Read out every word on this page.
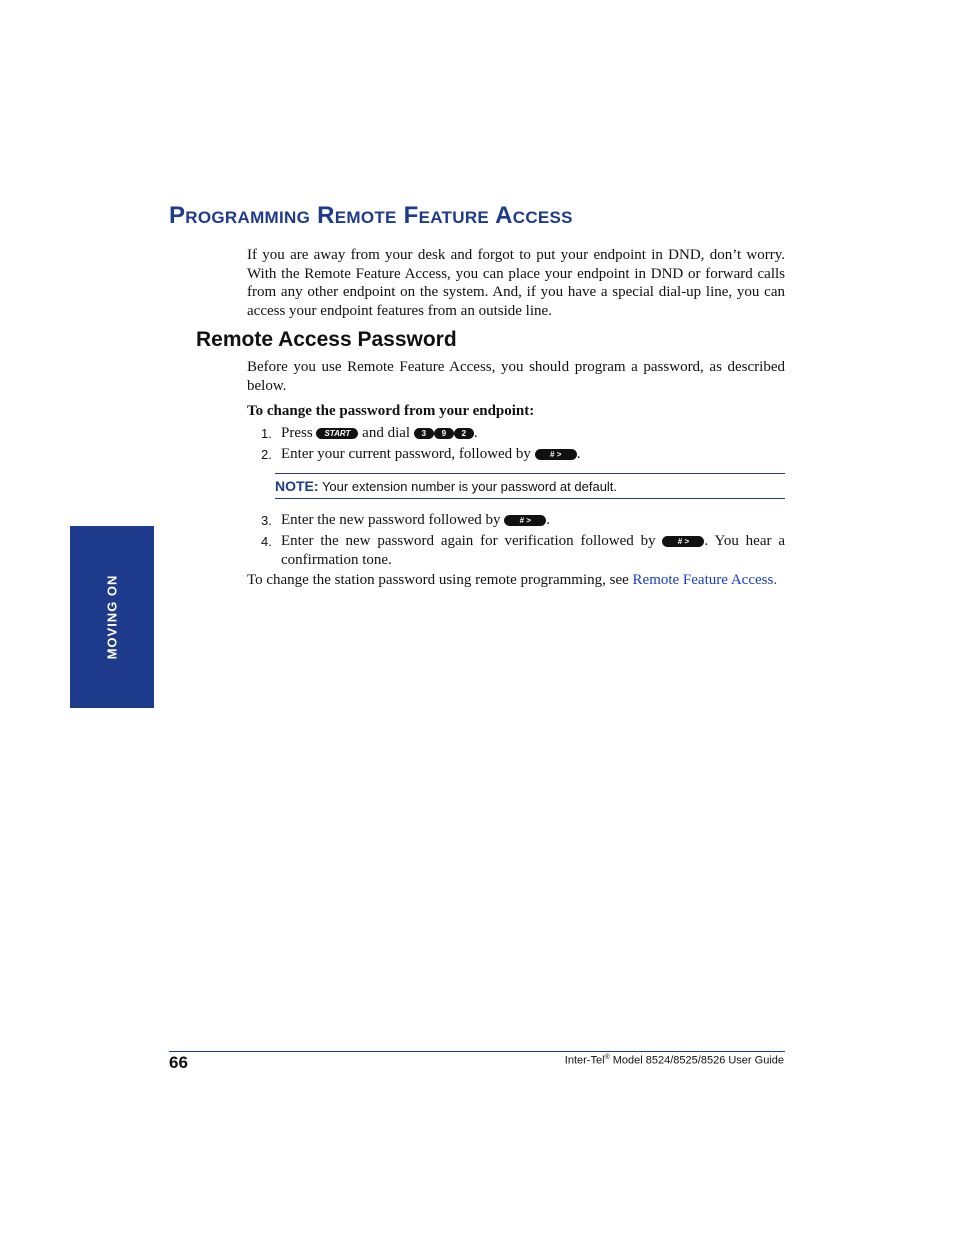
MOVING ON
Programming Remote Feature Access

If you are away from your desk and forgot to put your endpoint in DND, don’t worry. With the Remote Feature Access, you can place your endpoint in DND or forward calls from any other endpoint on the system. And, if you have a special dial-up line, you can access your endpoint features from an outside line.

Remote Access Password

Before you use Remote Feature Access, you should program a password, as described below.

To change the password from your endpoint:

1. Press START and dial 3 9 2 .
2. Enter your current password, followed by # > .
NOTE: Your extension number is your password at default.
3. Enter the new password followed by # > .
4. Enter the new password again for verification followed by	# > . You hear a confirmation tone.

To change the station password using remote programming, see Remote Feature Access.

66	Inter-Tel® Model 8524/8525/8526 User Guide
